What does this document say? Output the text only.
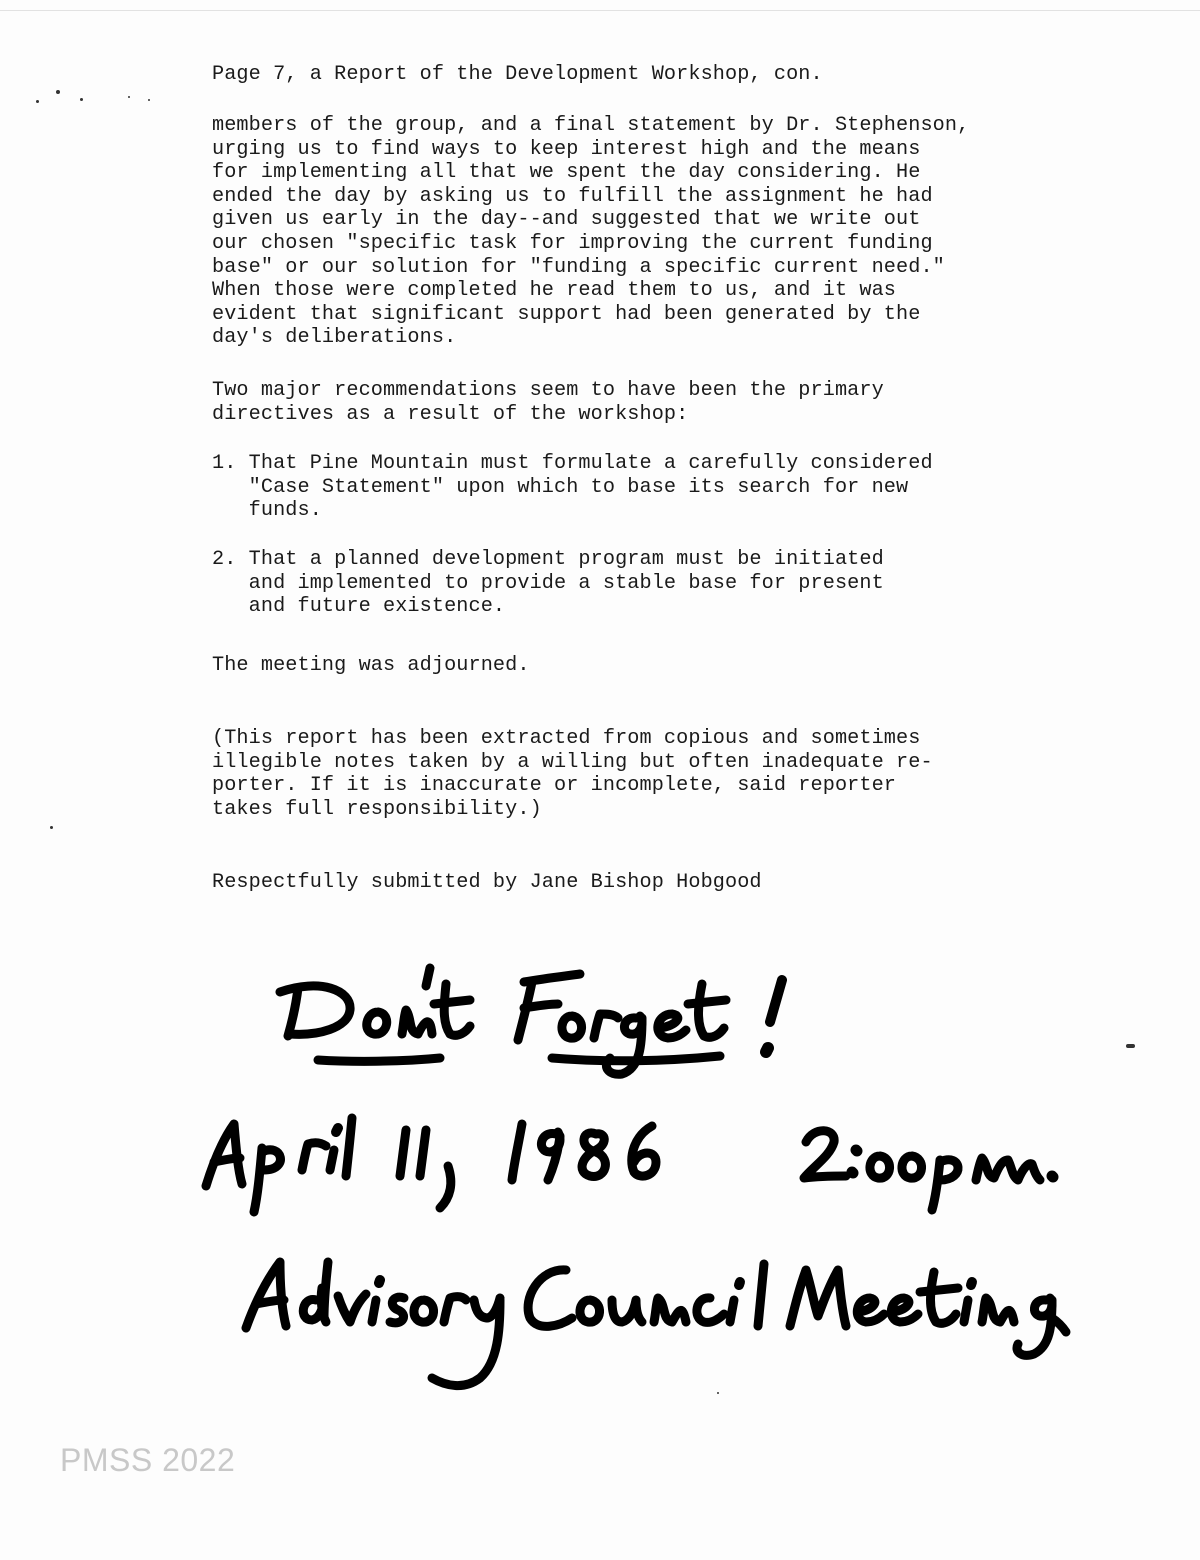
Page 7, a Report of the Development Workshop, con.
members of the group, and a final statement by Dr. Stephenson,
urging us to find ways to keep interest high and the means
for implementing all that we spent the day considering. He
ended the day by asking us to fulfill the assignment he had
given us early in the day--and suggested that we write out
our chosen "specific task for improving the current funding
base" or our solution for "funding a specific current need."
When those were completed he read them to us, and it was
evident that significant support had been generated by the
day's deliberations.
Two major recommendations seem to have been the primary
directives as a result of the workshop:
1. That Pine Mountain must formulate a carefully considered
"Case Statement" upon which to base its search for new
funds.
2. That a planned development program must be initiated
and implemented to provide a stable base for present
and future existence.
The meeting was adjourned.
(This report has been extracted from copious and sometimes
illegible notes taken by a willing but often inadequate re-
porter. If it is inaccurate or incomplete, said reporter
takes full responsibility.)
Respectfully submitted by Jane Bishop Hobgood
PMSS 2022
